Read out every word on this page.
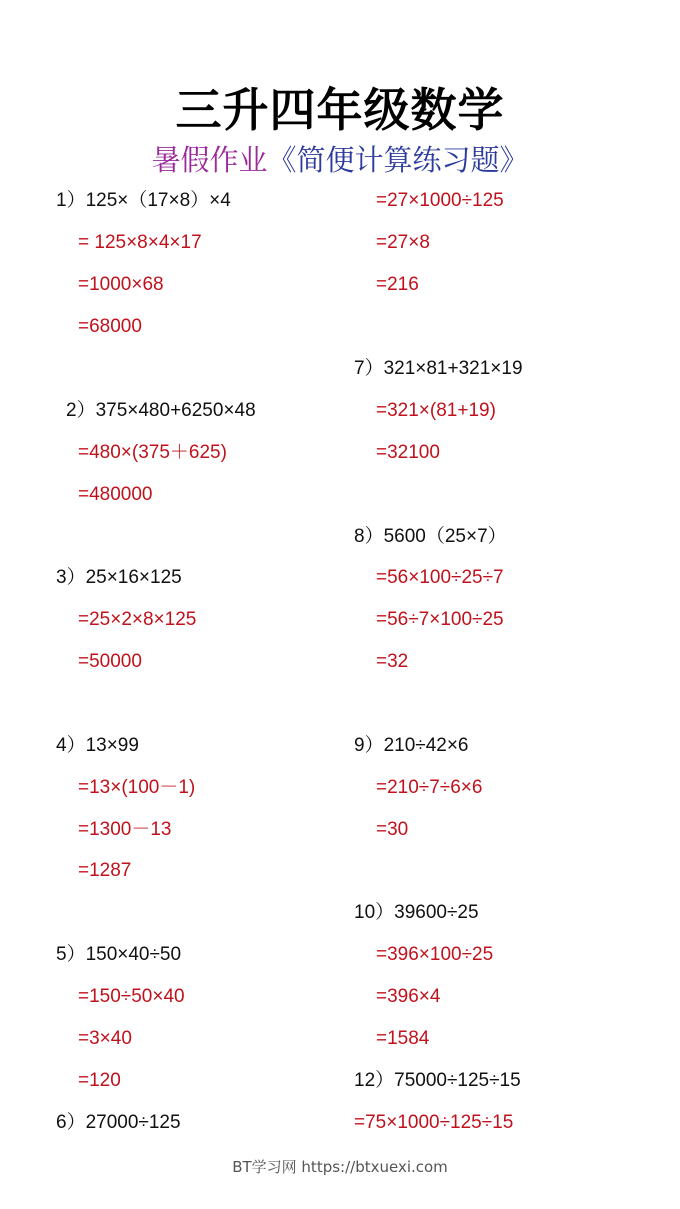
三升四年级数学
暑假作业《简便计算练习题》
1）125×（17×8）×4
= 125×8×4×17
=1000×68
=68000
2）375×480+6250×48
=480×(375＋625)
=480000
3）25×16×125
=25×2×8×125
=50000
4）13×99
=13×(100－1)
=1300－13
=1287
5）150×40÷50
=150÷50×40
=3×40
=120
6）27000÷125
=27×1000÷125
=27×8
=216
7）321×81+321×19
=321×(81+19)
=32100
8）5600（25×7）
=56×100÷25÷7
=56÷7×100÷25
=32
9）210÷42×6
=210÷7÷6×6
=30
10）39600÷25
=396×100÷25
=396×4
=1584
12）75000÷125÷15
=75×1000÷125÷15
BT学习网 https://btxuexi.com
